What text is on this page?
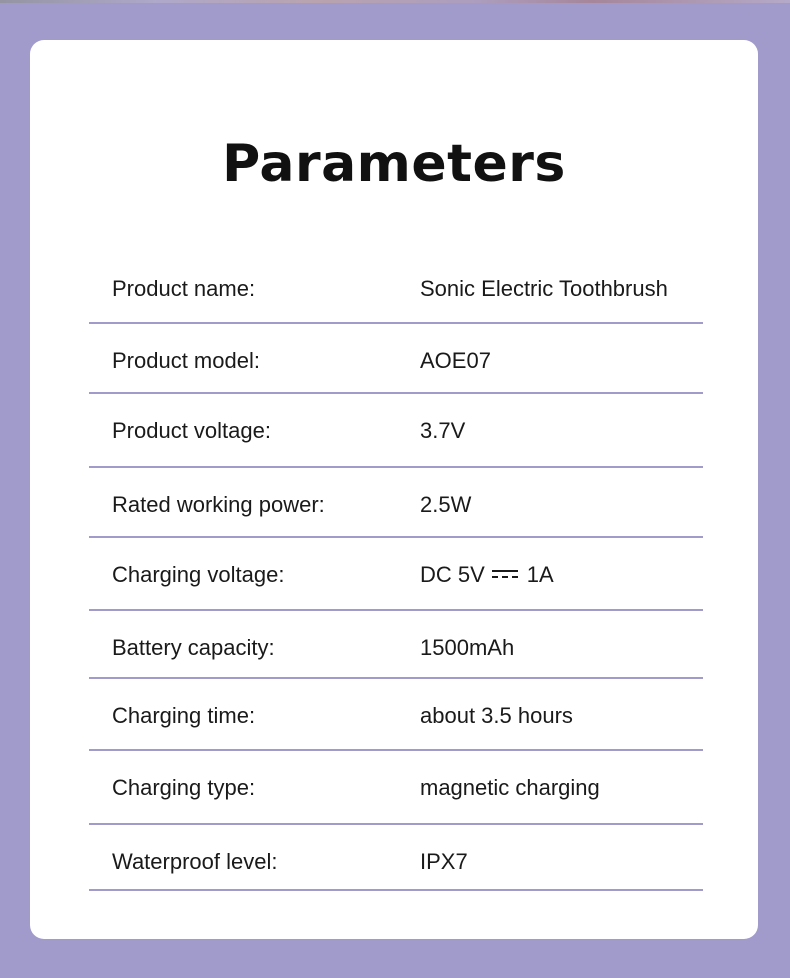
Parameters
Product name:	Sonic Electric Toothbrush
Product model:	AOE07
Product voltage:	3.7V
Rated working power:	2.5W
Charging voltage:	DC 5V 1A
Battery capacity:	1500mAh
Charging time:	about 3.5 hours
Charging type:	magnetic charging
Waterproof level:	IPX7
